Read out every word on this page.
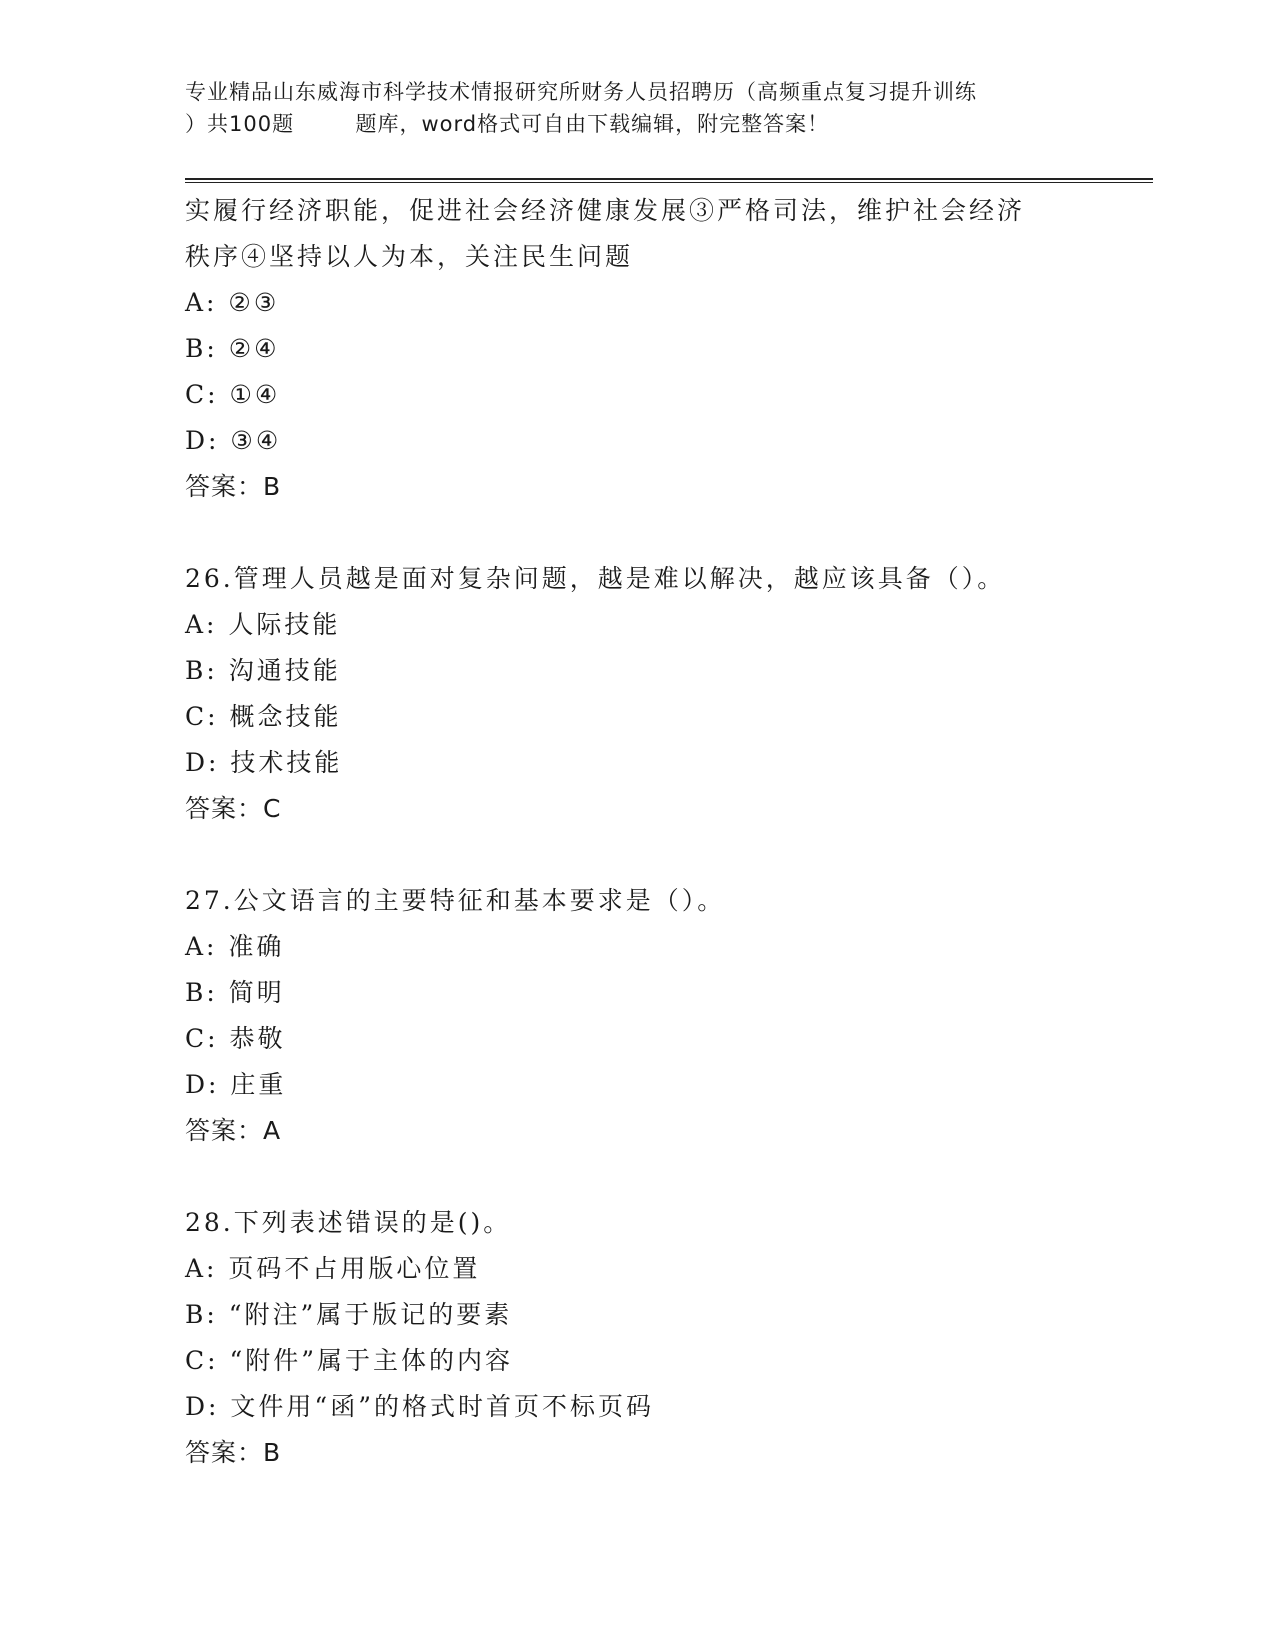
专业精品山东威海市科学技术情报研究所财务人员招聘历（高频重点复习提升训练
）共100题        题库，word格式可自由下载编辑，附完整答案！
实履行经济职能，促进社会经济健康发展③严格司法，维护社会经济
秩序④坚持以人为本，关注民生问题
A: ②③
B: ②④
C: ①④
D: ③④
答案：B
26.管理人员越是面对复杂问题，越是难以解决，越应该具备（）。
A: 人际技能
B: 沟通技能
C: 概念技能
D: 技术技能
答案：C
27.公文语言的主要特征和基本要求是（）。
A: 准确
B: 简明
C: 恭敬
D: 庄重
答案：A
28.下列表述错误的是()。
A: 页码不占用版心位置
B: “附注”属于版记的要素
C: “附件”属于主体的内容
D: 文件用“函”的格式时首页不标页码
答案：B
